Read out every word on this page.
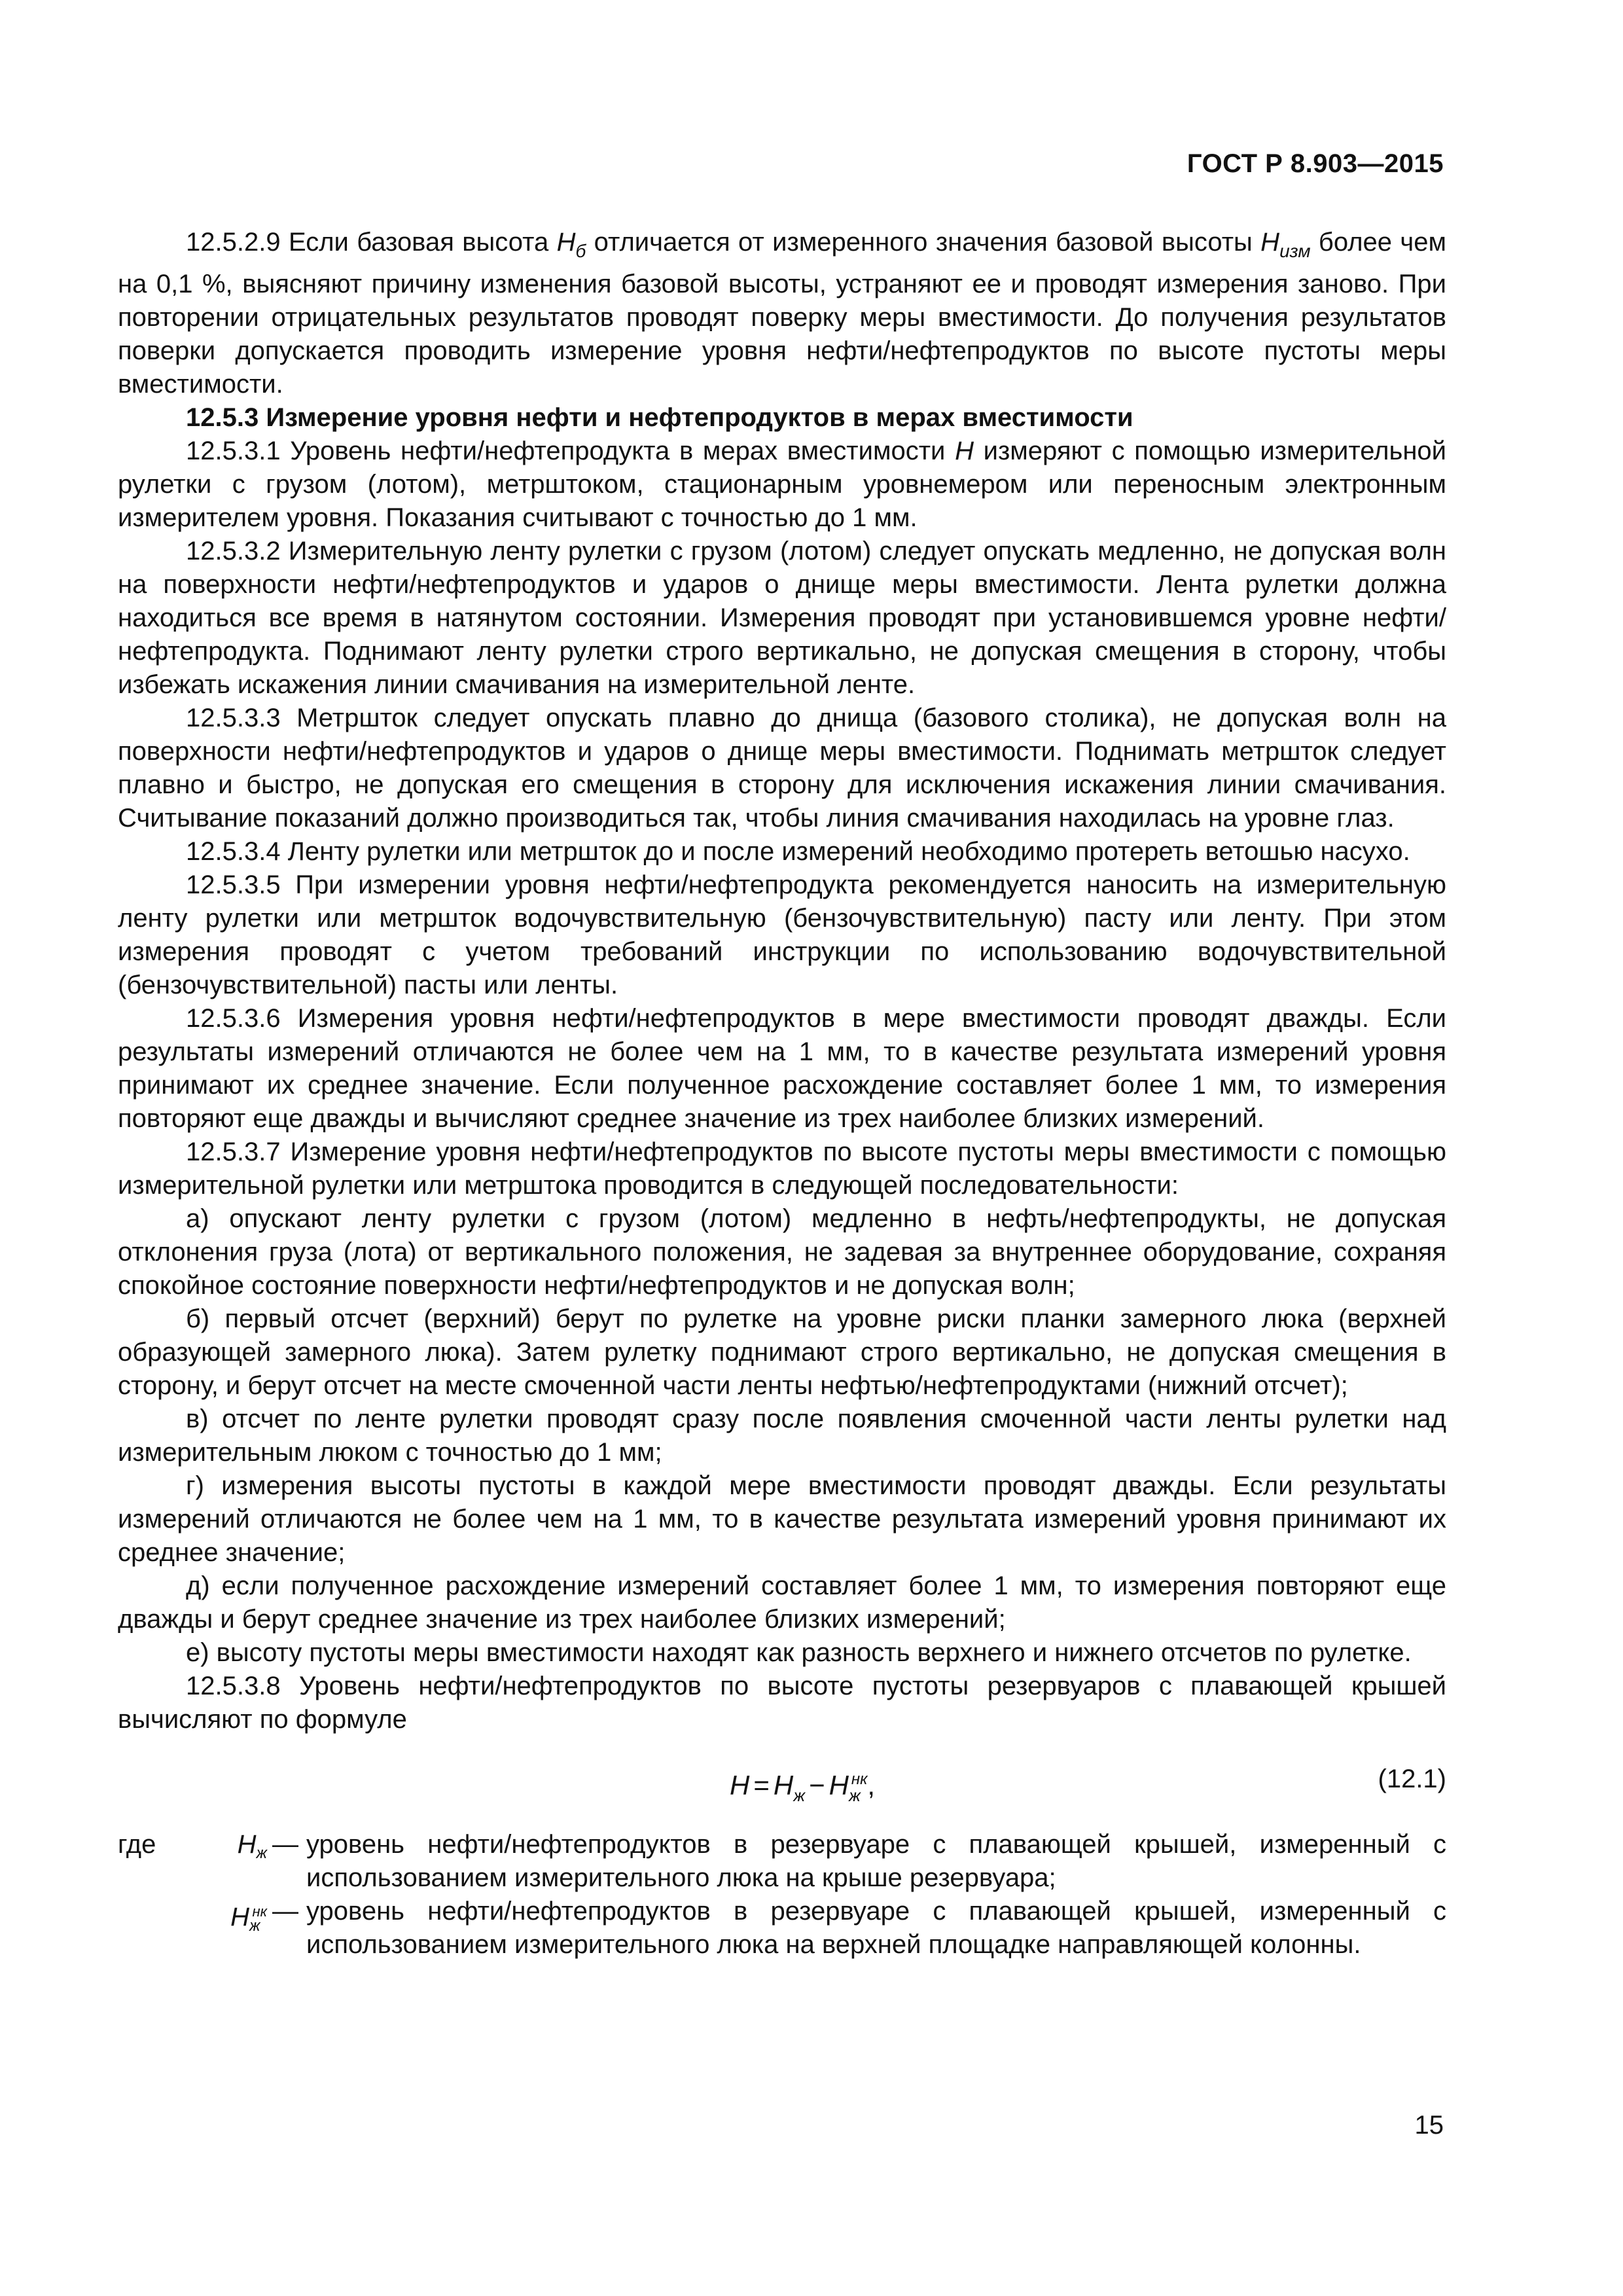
ГОСТ Р 8.903—2015

12.5.2.9 Если базовая высота $H_б$ отличается от измеренного значения базовой высоты $H_{изм}$ более чем на 0,1 %, выясняют причину изменения базовой высоты, устраняют ее и проводят измерения заново. При повторении отрицательных результатов проводят поверку меры вместимости. До получения результатов поверки допускается проводить измерение уровня нефти/нефтепродуктов по высоте пустоты меры вместимости.

12.5.3 Измерение уровня нефти и нефтепродуктов в мерах вместимости

12.5.3.1 Уровень нефти/нефтепродукта в мерах вместимости H измеряют с помощью измерительной рулетки с грузом (лотом), метрштоком, стационарным уровнемером или переносным электронным измерителем уровня. Показания считывают с точностью до 1 мм.

12.5.3.2 Измерительную ленту рулетки с грузом (лотом) следует опускать медленно, не допуская волн на поверхности нефти/нефтепродуктов и ударов о днище меры вместимости. Лента рулетки должна находиться все время в натянутом состоянии. Измерения проводят при установившемся уровне нефти/нефтепродукта. Поднимают ленту рулетки строго вертикально, не допуская смещения в сторону, чтобы избежать искажения линии смачивания на измерительной ленте.

12.5.3.3 Метршток следует опускать плавно до днища (базового столика), не допуская волн на поверхности нефти/нефтепродуктов и ударов о днище меры вместимости. Поднимать метршток следует плавно и быстро, не допуская его смещения в сторону для исключения искажения линии смачивания. Считывание показаний должно производиться так, чтобы линия смачивания находилась на уровне глаз.

12.5.3.4 Ленту рулетки или метршток до и после измерений необходимо протереть ветошью насухо.

12.5.3.5 При измерении уровня нефти/нефтепродукта рекомендуется наносить на измерительную ленту рулетки или метршток водочувствительную (бензочувствительную) пасту или ленту. При этом измерения проводят с учетом требований инструкции по использованию водочувствительной (бензочувствительной) пасты или ленты.

12.5.3.6 Измерения уровня нефти/нефтепродуктов в мере вместимости проводят дважды. Если результаты измерений отличаются не более чем на 1 мм, то в качестве результата измерений уровня принимают их среднее значение. Если полученное расхождение составляет более 1 мм, то измерения повторяют еще дважды и вычисляют среднее значение из трех наиболее близких измерений.

12.5.3.7 Измерение уровня нефти/нефтепродуктов по высоте пустоты меры вместимости с помощью измерительной рулетки или метрштока проводится в следующей последовательности:

а) опускают ленту рулетки с грузом (лотом) медленно в нефть/нефтепродукты, не допуская отклонения груза (лота) от вертикального положения, не задевая за внутреннее оборудование, сохраняя спокойное состояние поверхности нефти/нефтепродуктов и не допуская волн;

б) первый отсчет (верхний) берут по рулетке на уровне риски планки замерного люка (верхней образующей замерного люка). Затем рулетку поднимают строго вертикально, не допуская смещения в сторону, и берут отсчет на месте смоченной части ленты нефтью/нефтепродуктами (нижний отсчет);

в) отсчет по ленте рулетки проводят сразу после появления смоченной части ленты рулетки над измерительным люком с точностью до 1 мм;

г) измерения высоты пустоты в каждой мере вместимости проводят дважды. Если результаты измерений отличаются не более чем на 1 мм, то в качестве результата измерений уровня принимают их среднее значение;

д) если полученное расхождение измерений составляет более 1 мм, то измерения повторяют еще дважды и берут среднее значение из трех наиболее близких измерений;

е) высоту пустоты меры вместимости находят как разность верхнего и нижнего отсчетов по рулетке.

12.5.3.8 Уровень нефти/нефтепродуктов по высоте пустоты резервуаров с плавающей крышей вычисляют по формуле

$H = H_ж - H_ж^{нк}$,	(12.1)
где	$H_ж$ — уровень нефти/нефтепродуктов в резервуаре с плавающей крышей, измеренный с использованием измерительного люка на крыше резервуара;
$H_ж^{нк}$ — уровень нефти/нефтепродуктов в резервуаре с плавающей крышей, измеренный с использованием измерительного люка на верхней площадке направляющей колонны.
15
